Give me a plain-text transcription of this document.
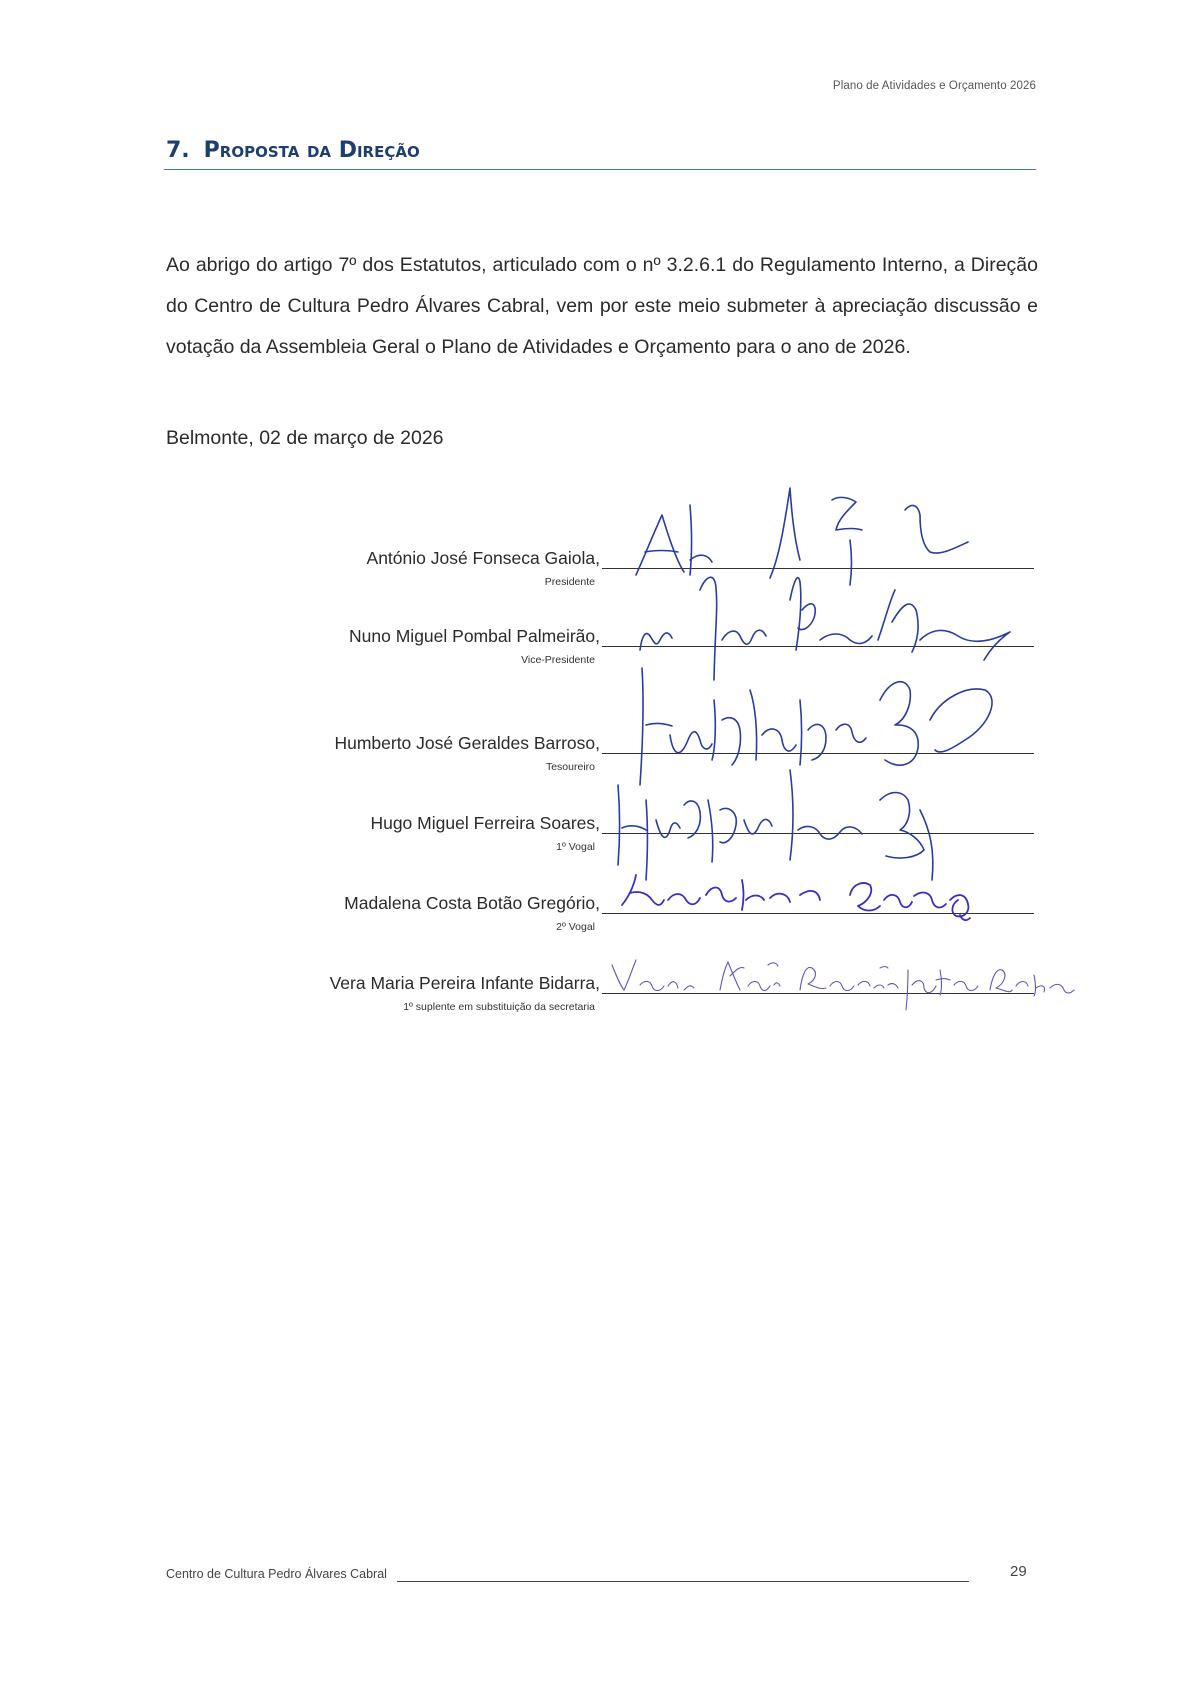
Plano de Atividades e Orçamento 2026
7. Proposta da Direção
Ao abrigo do artigo 7º dos Estatutos, articulado com o nº 3.2.6.1 do Regulamento Interno, a Direção do Centro de Cultura Pedro Álvares Cabral, vem por este meio submeter à apreciação discussão e votação da Assembleia Geral o Plano de Atividades e Orçamento para o ano de 2026.
Belmonte, 02 de março de 2026
António José Fonseca Gaiola,
Presidente
Nuno Miguel Pombal Palmeirão,
Vice-Presidente
Humberto José Geraldes Barroso,
Tesoureiro
Hugo Miguel Ferreira Soares,
1º Vogal
Madalena Costa Botão Gregório,
2º Vogal
Vera Maria Pereira Infante Bidarra,
1º suplente em substituição da secretaria
Centro de Cultura Pedro Álvares Cabral	29
